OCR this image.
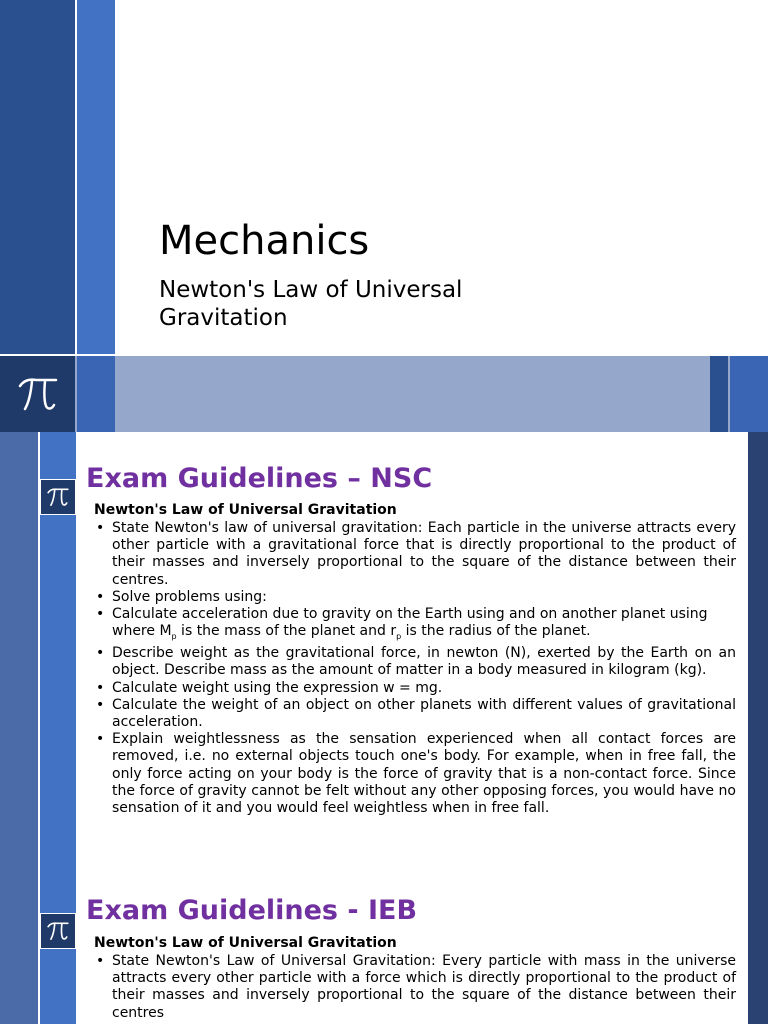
Mechanics
Newton's Law of Universal Gravitation
Exam Guidelines – NSC
Newton's Law of Universal Gravitation
• State Newton's law of universal gravitation: Each particle in the universe attracts every other particle with a gravitational force that is directly proportional to the product of their masses and inversely proportional to the square of the distance between their centres.
• Solve problems using:
• Calculate acceleration due to gravity on the Earth using and on another planet using
where $M_p$ is the mass of the planet and $r_p$ is the radius of the planet.
• Describe weight as the gravitational force, in newton (N), exerted by the Earth on an object. Describe mass as the amount of matter in a body measured in kilogram (kg).
• Calculate weight using the expression w = mg.
• Calculate the weight of an object on other planets with different values of gravitational acceleration.
• Explain weightlessness as the sensation experienced when all contact forces are removed, i.e. no external objects touch one's body. For example, when in free fall, the only force acting on your body is the force of gravity that is a non-contact force. Since the force of gravity cannot be felt without any other opposing forces, you would have no sensation of it and you would feel weightless when in free fall.
Exam Guidelines - IEB
Newton's Law of Universal Gravitation
• State Newton's Law of Universal Gravitation: Every particle with mass in the universe attracts every other particle with a force which is directly proportional to the product of their masses and inversely proportional to the square of the distance between their centres
